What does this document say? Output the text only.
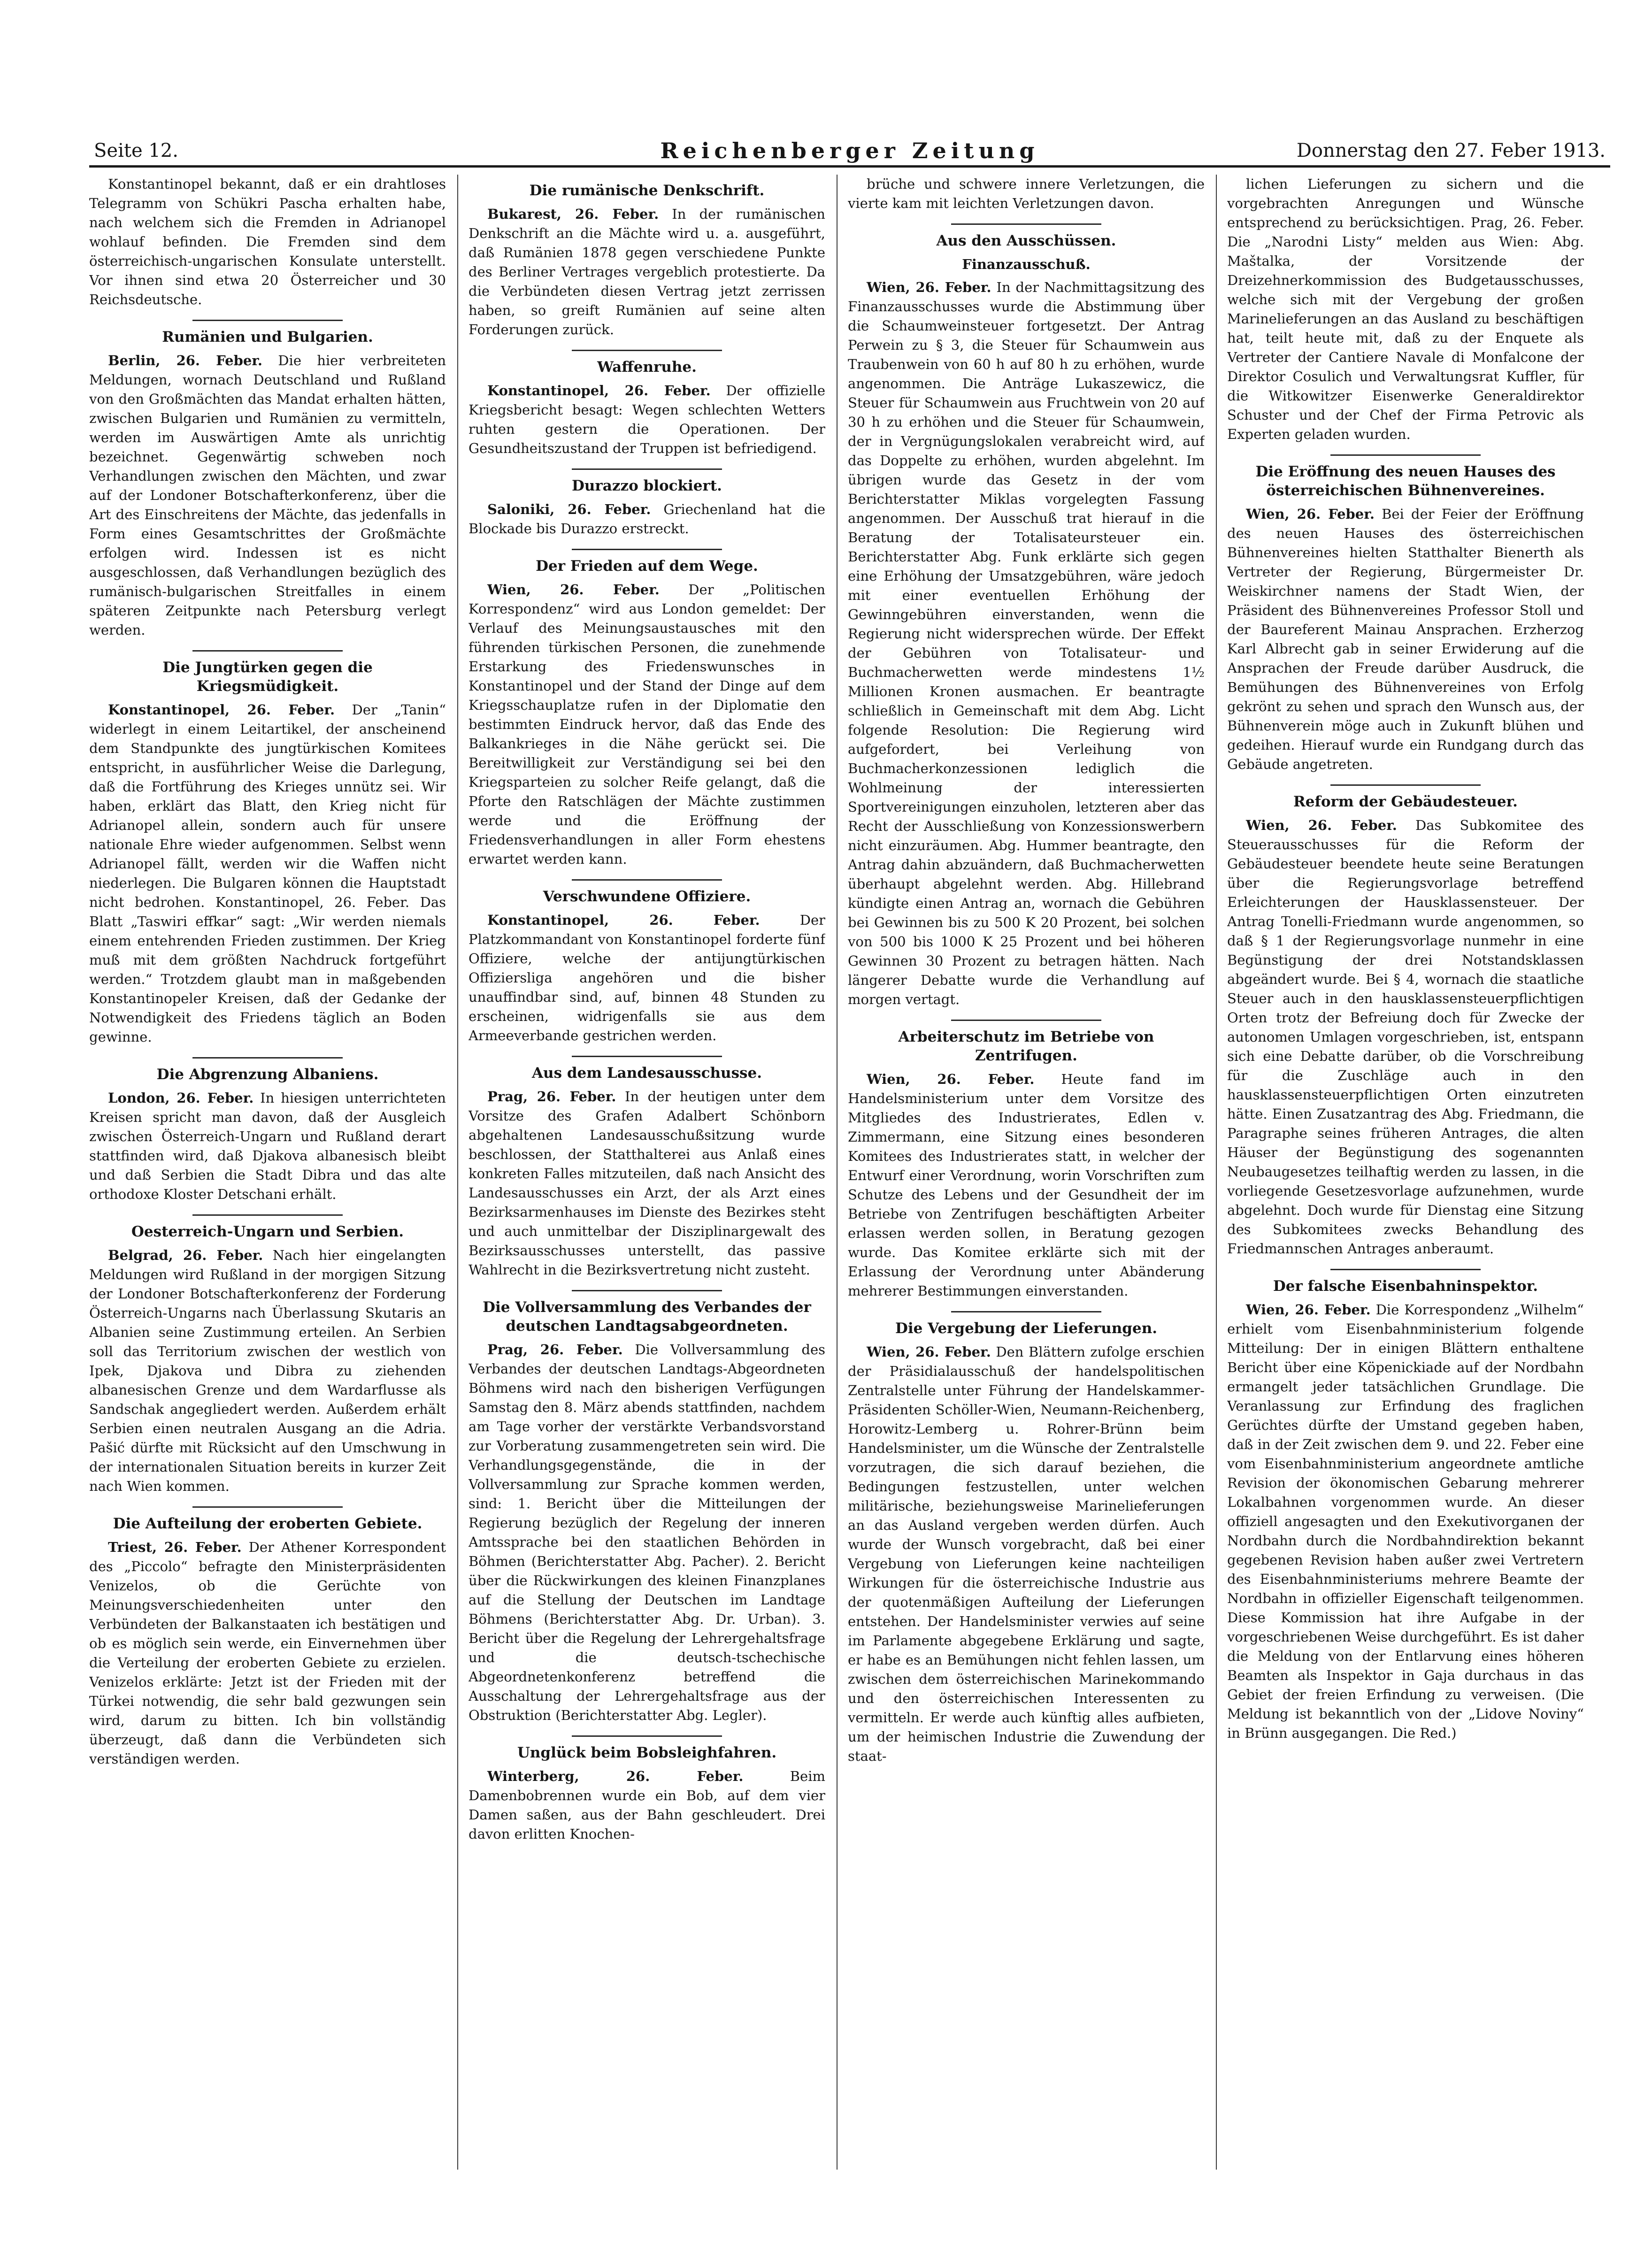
Seite 12.	Reichenberger Zeitung	Donnerstag den 27. Feber 1913.

Konstantinopel bekannt, daß er ein drahtloses Telegramm von Schükri Pascha erhalten habe, nach welchem sich die Fremden in Adrianopel wohlauf befinden. Die Fremden sind dem österreichisch-ungarischen Konsulate unterstellt. Vor ihnen sind etwa 20 Österreicher und 30 Reichsdeutsche.

Rumänien und Bulgarien.

Berlin, 26. Feber. Die hier verbreiteten Meldungen, wornach Deutschland und Rußland von den Großmächten das Mandat erhalten hätten, zwischen Bulgarien und Rumänien zu vermitteln, werden im Auswärtigen Amte als unrichtig bezeichnet. Gegenwärtig schweben noch Verhandlungen zwischen den Mächten, und zwar auf der Londoner Botschafterkonferenz, über die Art des Einschreitens der Mächte, das jedenfalls in Form eines Gesamtschrittes der Großmächte erfolgen wird. Indessen ist es nicht ausgeschlossen, daß Verhandlungen bezüglich des rumänisch-bulgarischen Streitfalles in einem späteren Zeitpunkte nach Petersburg verlegt werden.

Die Jungtürken gegen die Kriegsmüdigkeit.

Konstantinopel, 26. Feber. Der „Tanin“ widerlegt in einem Leitartikel, der anscheinend dem Standpunkte des jungtürkischen Komitees entspricht, in ausführlicher Weise die Darlegung, daß die Fortführung des Krieges unnütz sei. Wir haben, erklärt das Blatt, den Krieg nicht für Adrianopel allein, sondern auch für unsere nationale Ehre wieder aufgenommen. Selbst wenn Adrianopel fällt, werden wir die Waffen nicht niederlegen. Die Bulgaren können die Hauptstadt nicht bedrohen. Konstantinopel, 26. Feber. Das Blatt „Taswiri effkar“ sagt: „Wir werden niemals einem entehrenden Frieden zustimmen. Der Krieg muß mit dem größten Nachdruck fortgeführt werden.“ Trotzdem glaubt man in maßgebenden Konstantinopeler Kreisen, daß der Gedanke der Notwendigkeit des Friedens täglich an Boden gewinne.

Die Abgrenzung Albaniens.

London, 26. Feber. In hiesigen unterrichteten Kreisen spricht man davon, daß der Ausgleich zwischen Österreich-Ungarn und Rußland derart stattfinden wird, daß Djakova albanesisch bleibt und daß Serbien die Stadt Dibra und das alte orthodoxe Kloster Detschani erhält.

Oesterreich-Ungarn und Serbien.

Belgrad, 26. Feber. Nach hier eingelangten Meldungen wird Rußland in der morgigen Sitzung der Londoner Botschafterkonferenz der Forderung Österreich-Ungarns nach Überlassung Skutaris an Albanien seine Zustimmung erteilen. An Serbien soll das Territorium zwischen der westlich von Ipek, Djakova und Dibra zu ziehenden albanesischen Grenze und dem Wardarflusse als Sandschak angegliedert werden. Außerdem erhält Serbien einen neutralen Ausgang an die Adria. Pašić dürfte mit Rücksicht auf den Umschwung in der internationalen Situation bereits in kurzer Zeit nach Wien kommen.

Die Aufteilung der eroberten Gebiete.

Triest, 26. Feber. Der Athener Korrespondent des „Piccolo“ befragte den Ministerpräsidenten Venizelos, ob die Gerüchte von Meinungsverschiedenheiten unter den Verbündeten der Balkanstaaten ich bestätigen und ob es möglich sein werde, ein Einvernehmen über die Verteilung der eroberten Gebiete zu erzielen. Venizelos erklärte: Jetzt ist der Frieden mit der Türkei notwendig, die sehr bald gezwungen sein wird, darum zu bitten. Ich bin vollständig überzeugt, daß dann die Verbündeten sich verständigen werden.

Die rumänische Denkschrift.

Bukarest, 26. Feber. In der rumänischen Denkschrift an die Mächte wird u. a. ausgeführt, daß Rumänien 1878 gegen verschiedene Punkte des Berliner Vertrages vergeblich protestierte. Da die Verbündeten diesen Vertrag jetzt zerrissen haben, so greift Rumänien auf seine alten Forderungen zurück.

Waffenruhe.

Konstantinopel, 26. Feber. Der offizielle Kriegsbericht besagt: Wegen schlechten Wetters ruhten gestern die Operationen. Der Gesundheitszustand der Truppen ist befriedigend.

Durazzo blockiert.

Saloniki, 26. Feber. Griechenland hat die Blockade bis Durazzo erstreckt.

Der Frieden auf dem Wege.

Wien, 26. Feber. Der „Politischen Korrespondenz“ wird aus London gemeldet: Der Verlauf des Meinungsaustausches mit den führenden türkischen Personen, die zunehmende Erstarkung des Friedenswunsches in Konstantinopel und der Stand der Dinge auf dem Kriegsschauplatze rufen in der Diplomatie den bestimmten Eindruck hervor, daß das Ende des Balkankrieges in die Nähe gerückt sei. Die Bereitwilligkeit zur Verständigung sei bei den Kriegsparteien zu solcher Reife gelangt, daß die Pforte den Ratschlägen der Mächte zustimmen werde und die Eröffnung der Friedensverhandlungen in aller Form ehestens erwartet werden kann.

Verschwundene Offiziere.

Konstantinopel, 26. Feber.	Der Platzkommandant von Konstantinopel forderte fünf Offiziere, welche der antijungtürkischen Offiziersliga angehören und die bisher unauffindbar sind, auf, binnen 48 Stunden zu erscheinen, widrigenfalls sie aus dem Armeeverbande gestrichen werden.

Aus dem Landesausschusse.

Prag, 26. Feber. In der heutigen unter dem Vorsitze des Grafen Adalbert Schönborn abgehaltenen Landesausschußsitzung wurde beschlossen, der Statthalterei aus Anlaß eines konkreten Falles mitzuteilen, daß nach Ansicht des Landesausschusses ein Arzt, der als Arzt eines Bezirksarmenhauses im Dienste des Bezirkes steht und auch unmittelbar der Disziplinargewalt des Bezirksausschusses unterstellt, das passive Wahlrecht in die Bezirksvertretung nicht zusteht.

Die Vollversammlung des Verbandes der deutschen Landtagsabgeordneten.

Prag, 26. Feber. Die Vollversammlung des Verbandes der deutschen Landtags-Abgeordneten Böhmens wird nach den bisherigen Verfügungen Samstag den 8. März abends stattfinden, nachdem am Tage vorher der verstärkte Verbandsvorstand zur Vorberatung zusammengetreten sein wird. Die Verhandlungsgegenstände, die in der Vollversammlung zur Sprache kommen werden, sind: 1. Bericht über die Mitteilungen der Regierung bezüglich der Regelung der inneren Amtssprache bei den staatlichen Behörden in Böhmen (Berichterstatter Abg. Pacher). 2. Bericht über die Rückwirkungen des kleinen Finanzplanes auf die Stellung der Deutschen im Landtage Böhmens (Berichterstatter Abg. Dr. Urban). 3. Bericht über die Regelung der Lehrergehaltsfrage und die deutsch-tschechische Abgeordnetenkonferenz betreffend die Ausschaltung der Lehrergehaltsfrage aus der Obstruktion (Berichterstatter Abg. Legler).

Unglück beim Bobsleighfahren.

Winterberg, 26. Feber.	Beim Damenbobrennen wurde ein Bob, auf dem vier Damen saßen, aus der Bahn geschleudert. Drei davon erlitten Knochen-

brüche und schwere innere Verletzungen, die vierte kam mit leichten Verletzungen davon.

Aus den Ausschüssen.
Finanzausschuß.

Wien, 26. Feber. In der Nachmittagsitzung des Finanzausschusses wurde die Abstimmung über die Schaumweinsteuer fortgesetzt. Der Antrag Perwein zu § 3, die Steuer für Schaumwein aus Traubenwein von 60 h auf 80 h zu erhöhen, wurde angenommen. Die Anträge Lukaszewicz, die Steuer für Schaumwein aus Fruchtwein von 20 auf 30 h zu erhöhen und die Steuer für Schaumwein, der in Vergnügungslokalen verabreicht wird, auf das Doppelte zu erhöhen, wurden abgelehnt. Im übrigen wurde das Gesetz in der vom Berichterstatter Miklas vorgelegten Fassung angenommen. Der Ausschuß trat hierauf in die Beratung der Totalisateursteuer ein. Berichterstatter Abg. Funk erklärte sich gegen eine Erhöhung der Umsatzgebühren, wäre jedoch mit einer eventuellen Erhöhung der Gewinngebühren einverstanden, wenn die Regierung nicht widersprechen würde. Der Effekt der Gebühren von Totalisateur- und Buchmacherwetten werde mindestens 1½ Millionen Kronen ausmachen. Er beantragte schließlich in Gemeinschaft mit dem Abg. Licht folgende Resolution: Die Regierung wird aufgefordert, bei Verleihung von Buchmacherkonzessionen lediglich die Wohlmeinung der interessierten Sportvereinigungen einzuholen, letzteren aber das Recht der Ausschließung von Konzessionswerbern nicht einzuräumen. Abg. Hummer beantragte, den Antrag dahin abzuändern, daß Buchmacherwetten überhaupt abgelehnt werden. Abg. Hillebrand kündigte einen Antrag an, wornach die Gebühren bei Gewinnen bis zu 500 K 20 Prozent, bei solchen von 500 bis 1000 K 25 Prozent und bei höheren Gewinnen 30 Prozent zu betragen hätten. Nach längerer Debatte wurde die Verhandlung auf morgen vertagt.

Arbeiterschutz im Betriebe von Zentrifugen.

Wien, 26. Feber. Heute fand im Handelsministerium unter dem Vorsitze des Mitgliedes des Industrierates, Edlen v. Zimmermann, eine Sitzung eines besonderen Komitees des Industrierates statt, in welcher der Entwurf einer Verordnung, worin Vorschriften zum Schutze des Lebens und der Gesundheit der im Betriebe von Zentrifugen beschäftigten Arbeiter erlassen werden sollen, in Beratung gezogen wurde. Das Komitee erklärte sich mit der Erlassung der Verordnung unter Abänderung mehrerer Bestimmungen einverstanden.

Die Vergebung der Lieferungen.

Wien, 26. Feber. Den Blättern zufolge erschien der Präsidialausschuß der handelspolitischen Zentralstelle unter Führung der Handelskammer-Präsidenten Schöller-Wien, Neumann-Reichenberg, Horowitz-Lemberg u. Rohrer-Brünn beim Handelsminister, um die Wünsche der Zentralstelle vorzutragen, die sich darauf beziehen, die Bedingungen festzustellen, unter welchen militärische, beziehungsweise Marinelieferungen an das Ausland vergeben werden dürfen. Auch wurde der Wunsch vorgebracht, daß bei einer Vergebung von Lieferungen keine nachteiligen Wirkungen für die österreichische Industrie aus der quotenmäßigen Aufteilung der Lieferungen entstehen. Der Handelsminister verwies auf seine im Parlamente abgegebene Erklärung und sagte, er habe es an Bemühungen nicht fehlen lassen, um zwischen dem österreichischen Marinekommando und den österreichischen Interessenten zu vermitteln. Er werde auch künftig alles aufbieten, um der heimischen Industrie die Zuwendung der staat-

lichen Lieferungen zu sichern und die vorgebrachten Anregungen und Wünsche entsprechend zu berücksichtigen. Prag, 26. Feber. Die „Narodni Listy“ melden aus Wien: Abg. Maštalka, der Vorsitzende der Dreizehnerkommission des Budgetausschusses, welche sich mit der Vergebung der großen Marinelieferungen an das Ausland zu beschäftigen hat, teilt heute mit, daß zu der Enquete als Vertreter der Cantiere Navale di Monfalcone der Direktor Cosulich und Verwaltungsrat Kuffler, für die Witkowitzer Eisenwerke Generaldirektor Schuster und der Chef der Firma Petrovic als Experten geladen wurden.

Die Eröffnung des neuen Hauses des österreichischen Bühnenvereines.

Wien, 26. Feber. Bei der Feier der Eröffnung des neuen Hauses des österreichischen Bühnenvereines hielten Statthalter Bienerth als Vertreter der Regierung, Bürgermeister Dr. Weiskirchner namens der Stadt Wien, der Präsident des Bühnenvereines Professor Stoll und der Baureferent Mainau Ansprachen. Erzherzog Karl Albrecht gab in seiner Erwiderung auf die Ansprachen der Freude darüber Ausdruck, die Bemühungen des Bühnenvereines von Erfolg gekrönt zu sehen und sprach den Wunsch aus, der Bühnenverein möge auch in Zukunft blühen und gedeihen. Hierauf wurde ein Rundgang durch das Gebäude angetreten.

Reform der Gebäudesteuer.

Wien, 26. Feber. Das Subkomitee des Steuerausschusses für die Reform der Gebäudesteuer beendete heute seine Beratungen über die Regierungsvorlage betreffend Erleichterungen der Hausklassensteuer. Der Antrag Tonelli-Friedmann wurde angenommen, so daß § 1 der Regierungsvorlage nunmehr in eine Begünstigung der drei Notstandsklassen abgeändert wurde. Bei § 4, wornach die staatliche Steuer auch in den hausklassensteuerpflichtigen Orten trotz der Befreiung doch für Zwecke der autonomen Umlagen vorgeschrieben, ist, entspann sich eine Debatte darüber, ob die Vorschreibung für die Zuschläge auch in den hausklassensteuerpflichtigen Orten einzutreten hätte. Einen Zusatzantrag des Abg. Friedmann, die Paragraphe seines früheren Antrages, die alten Häuser der Begünstigung des sogenannten Neubaugesetzes teilhaftig werden zu lassen, in die vorliegende Gesetzesvorlage aufzunehmen, wurde abgelehnt. Doch wurde für Dienstag eine Sitzung des Subkomitees zwecks Behandlung des Friedmannschen Antrages anberaumt.

Der falsche Eisenbahninspektor.

Wien, 26. Feber. Die Korrespondenz „Wilhelm“ erhielt vom Eisenbahnministerium folgende Mitteilung: Der in einigen Blättern enthaltene Bericht über eine Köpenickiade auf der Nordbahn ermangelt jeder tatsächlichen Grundlage. Die Veranlassung zur Erfindung des fraglichen Gerüchtes dürfte der Umstand gegeben haben, daß in der Zeit zwischen dem 9. und 22. Feber eine vom Eisenbahnministerium angeordnete amtliche Revision der ökonomischen Gebarung mehrerer Lokalbahnen vorgenommen wurde. An dieser offiziell angesagten und den Exekutivorganen der Nordbahn durch die Nordbahndirektion bekannt gegebenen Revision haben außer zwei Vertretern des Eisenbahnministeriums mehrere Beamte der Nordbahn in offizieller Eigenschaft teilgenommen. Diese Kommission hat ihre Aufgabe in der vorgeschriebenen Weise durchgeführt. Es ist daher die Meldung von der Entlarvung eines höheren Beamten als Inspektor in Gaja durchaus in das Gebiet der freien Erfindung zu verweisen. (Die Meldung ist bekanntlich von der „Lidove Noviny“ in Brünn ausgegangen. Die Red.)
